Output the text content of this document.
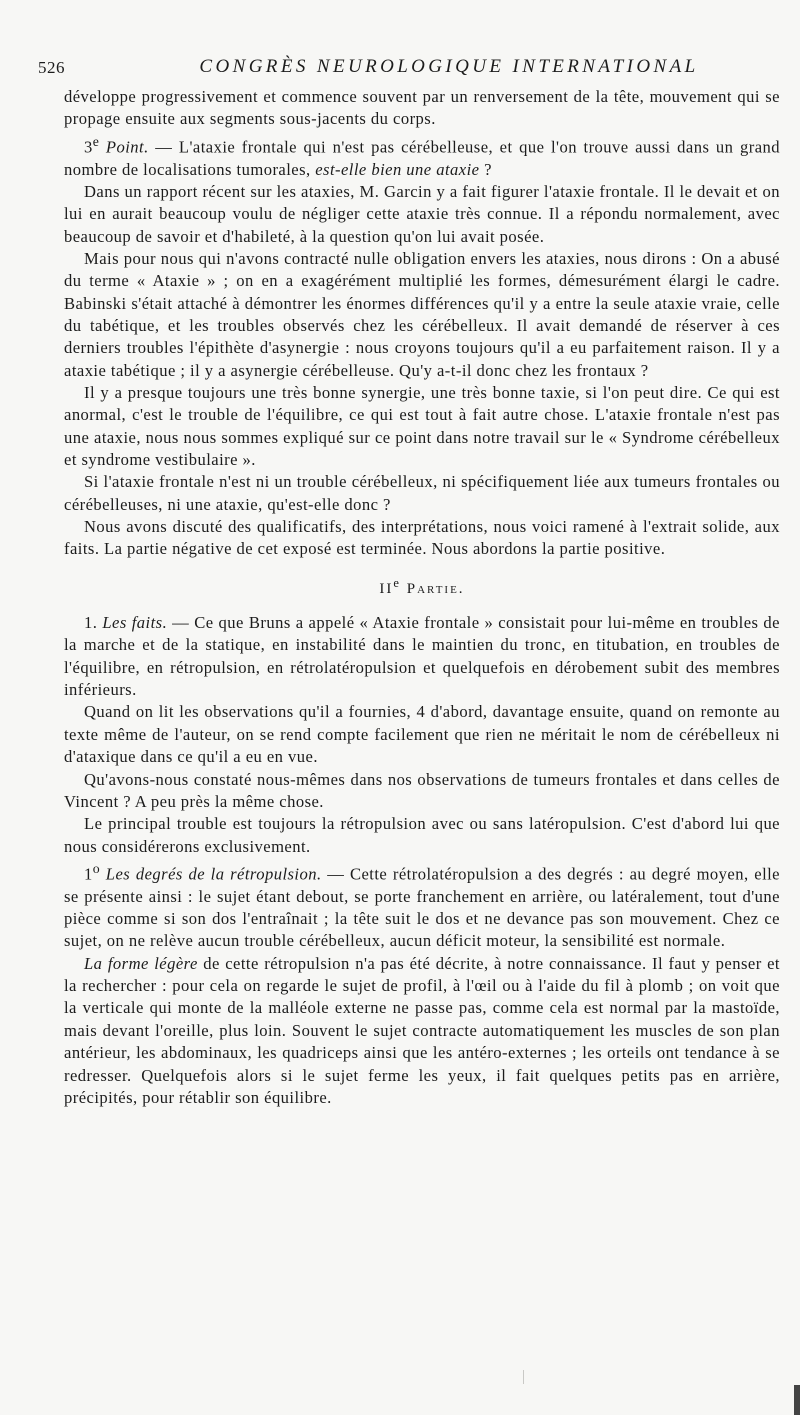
526	CONGRÈS NEUROLOGIQUE INTERNATIONAL

développe progressivement et commence souvent par un renversement de la tête, mouvement qui se propage ensuite aux segments sous-jacents du corps.

3e Point. — L'ataxie frontale qui n'est pas cérébelleuse, et que l'on trouve aussi dans un grand nombre de localisations tumorales, est-elle bien une ataxie ?

Dans un rapport récent sur les ataxies, M. Garcin y a fait figurer l'ataxie frontale. Il le devait et on lui en aurait beaucoup voulu de négliger cette ataxie très connue. Il a répondu normalement, avec beaucoup de savoir et d'habileté, à la question qu'on lui avait posée.

Mais pour nous qui n'avons contracté nulle obligation envers les ataxies, nous dirons : On a abusé du terme « Ataxie » ; on en a exagérément multiplié les formes, démesurément élargi le cadre. Babinski s'était attaché à démontrer les énormes différences qu'il y a entre la seule ataxie vraie, celle du tabétique, et les troubles observés chez les cérébelleux. Il avait demandé de réserver à ces derniers troubles l'épithète d'asynergie : nous croyons toujours qu'il a eu parfaitement raison. Il y a ataxie tabétique ; il y a asynergie cérébelleuse. Qu'y a-t-il donc chez les frontaux ?

Il y a presque toujours une très bonne synergie, une très bonne taxie, si l'on peut dire. Ce qui est anormal, c'est le trouble de l'équilibre, ce qui est tout à fait autre chose. L'ataxie frontale n'est pas une ataxie, nous nous sommes expliqué sur ce point dans notre travail sur le « Syndrome cérébelleux et syndrome vestibulaire ».

Si l'ataxie frontale n'est ni un trouble cérébelleux, ni spécifiquement liée aux tumeurs frontales ou cérébelleuses, ni une ataxie, qu'est-elle donc ?

Nous avons discuté des qualificatifs, des interprétations, nous voici ramené à l'extrait solide, aux faits. La partie négative de cet exposé est terminée. Nous abordons la partie positive.

IIe Partie.

1. Les faits. — Ce que Bruns a appelé « Ataxie frontale » consistait pour lui-même en troubles de la marche et de la statique, en instabilité dans le maintien du tronc, en titubation, en troubles de l'équilibre, en rétropulsion, en rétrolatéropulsion et quelquefois en dérobement subit des membres inférieurs.

Quand on lit les observations qu'il a fournies, 4 d'abord, davantage ensuite, quand on remonte au texte même de l'auteur, on se rend compte facilement que rien ne méritait le nom de cérébelleux ni d'ataxique dans ce qu'il a eu en vue.

Qu'avons-nous constaté nous-mêmes dans nos observations de tumeurs frontales et dans celles de Vincent ? A peu près la même chose.

Le principal trouble est toujours la rétropulsion avec ou sans latéropulsion. C'est d'abord lui que nous considérerons exclusivement.

1$^o$ Les degrés de la rétropulsion. — Cette rétrolatéropulsion a des degrés : au degré moyen, elle se présente ainsi : le sujet étant debout, se porte franchement en arrière, ou latéralement, tout d'une pièce comme si son dos l'entraînait ; la tête suit le dos et ne devance pas son mouvement. Chez ce sujet, on ne relève aucun trouble cérébelleux, aucun déficit moteur, la sensibilité est normale.

La forme légère de cette rétropulsion n'a pas été décrite, à notre connaissance. Il faut y penser et la rechercher : pour cela on regarde le sujet de profil, à l'œil ou à l'aide du fil à plomb ; on voit que la verticale qui monte de la malléole externe ne passe pas, comme cela est normal par la mastoïde, mais devant l'oreille, plus loin. Souvent le sujet contracte automatiquement les muscles de son plan antérieur, les abdominaux, les quadriceps ainsi que les antéro-externes ; les orteils ont tendance à se redresser. Quelquefois alors si le sujet ferme les yeux, il fait quelques petits pas en arrière, précipités, pour rétablir son équilibre.
